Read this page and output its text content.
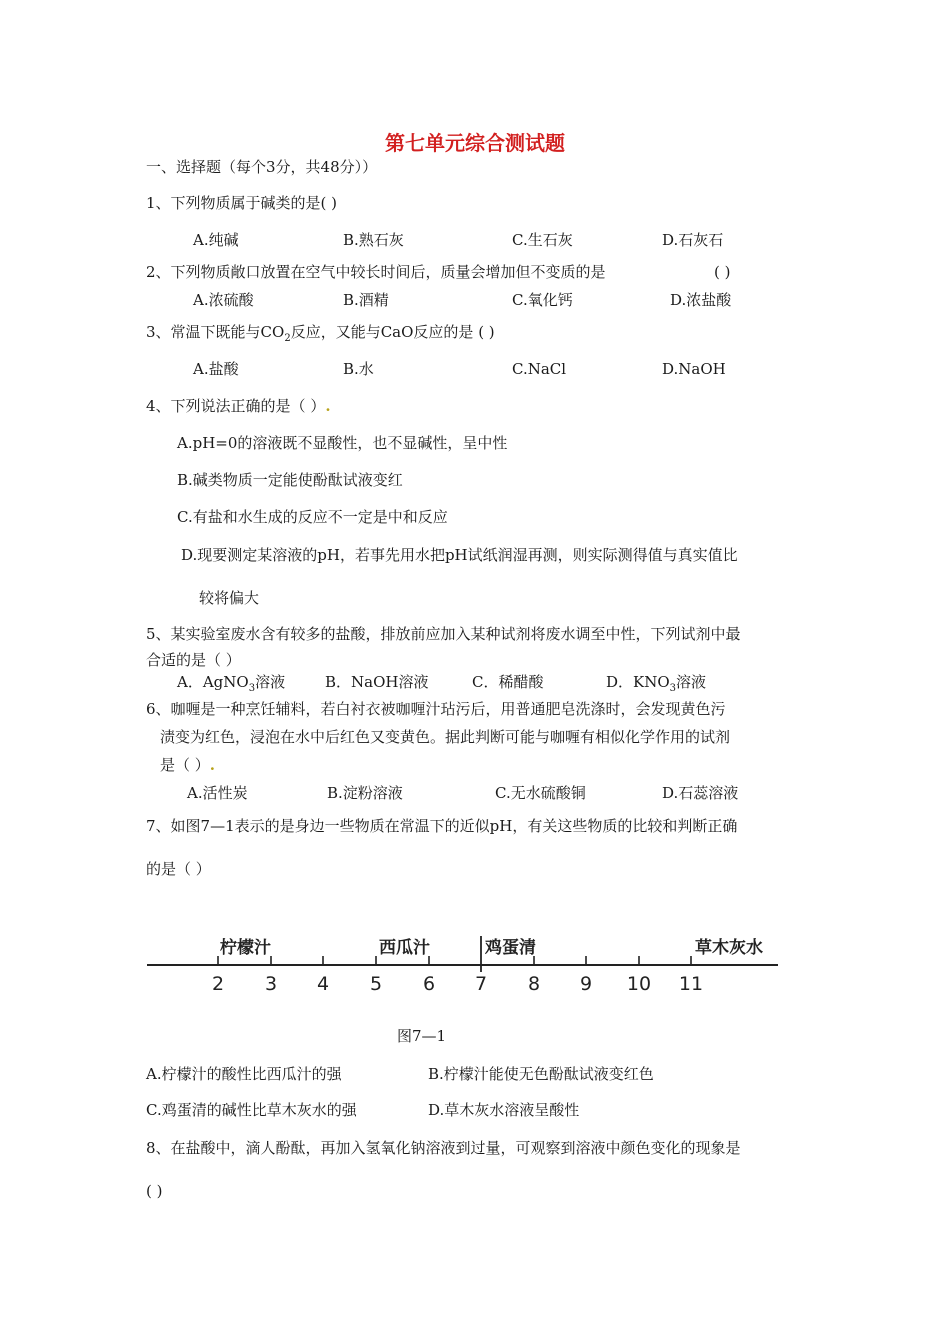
第七单元综合测试题
一、选择题（每个3分，共48分））
1、下列物质属于碱类的是( )
A.纯碱	B.熟石灰	C.生石灰	D.石灰石
2、下列物质敞口放置在空气中较长时间后，质量会增加但不变质的是	( )
A.浓硫酸	B.酒精	C.氧化钙	D.浓盐酸
3、常温下既能与$CO_2$反应，又能与CaO反应的是 ( )
A.盐酸	B.水	C.NaCl	D.NaOH
4、下列说法正确的是（ ）.
A.pH=0的溶液既不显酸性，也不显碱性，呈中性
B.碱类物质一定能使酚酞试液变红
C.有盐和水生成的反应不一定是中和反应
D.现要测定某溶液的pH，若事先用水把pH试纸润湿再测，则实际测得值与真实值比
较将偏大
5、某实验室废水含有较多的盐酸，排放前应加入某种试剂将废水调至中性，下列试剂中最
合适的是（ ）
A．AgNO$_3$溶液	B．NaOH溶液	C．稀醋酸	D．$KNO_3$溶液
6、咖喱是一种烹饪辅料，若白衬衣被咖喱汁玷污后，用普通肥皂洗涤时，会发现黄色污
渍变为红色，浸泡在水中后红色又变黄色。据此判断可能与咖喱有相似化学作用的试剂
是（ ）.
A.活性炭	B.淀粉溶液	C.无水硫酸铜	D.石蕊溶液
7、如图7—1表示的是身边一些物质在常温下的近似pH，有关这些物质的比较和判断正确
的是（ ）
2 3 4 5 6 7 8 9 10 11
柠檬汁	西瓜汁	鸡蛋清	草木灰水
图7—1
A.柠檬汁的酸性比西瓜汁的强	B.柠檬汁能使无色酚酞试液变红色
C.鸡蛋清的碱性比草木灰水的强	D.草木灰水溶液呈酸性
8、在盐酸中，滴人酚酞，再加入氢氧化钠溶液到过量，可观察到溶液中颜色变化的现象是
( )
